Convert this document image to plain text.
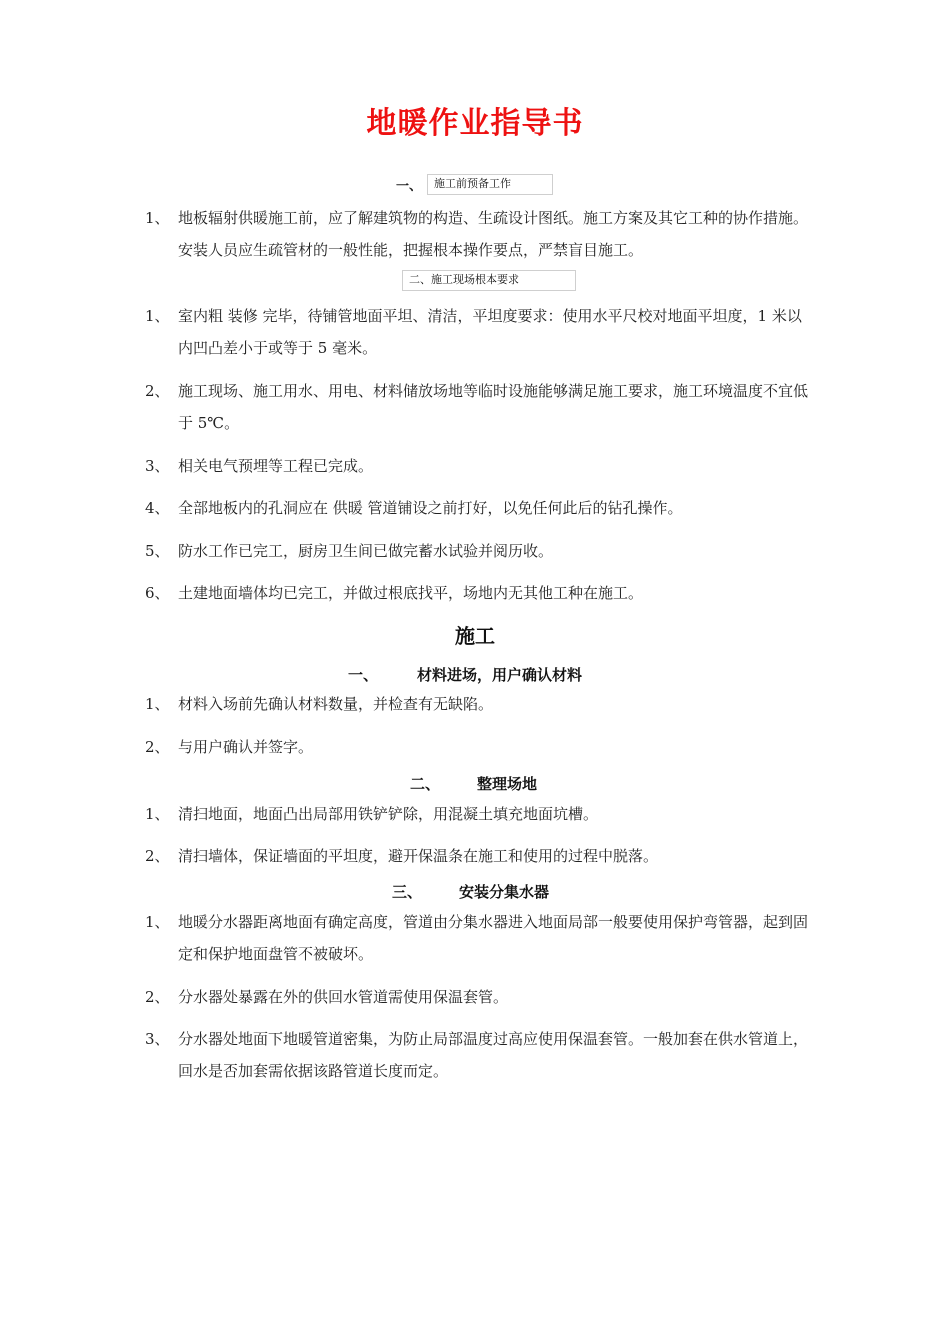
地暖作业指导书
一、	施工前预备工作
1、 地板辐射供暖施工前，应了解建筑物的构造、生疏设计图纸。施工方案及其它工种的协作措施。安装人员应生疏管材的一般性能，把握根本操作要点，严禁盲目施工。
二、施工现场根本要求
1、 室内粗 装修 完毕，待铺管地面平坦、清洁，平坦度要求：使用水平尺校对地面平坦度，1 米以内凹凸差小于或等于 5 毫米。
2、 施工现场、施工用水、用电、材料储放场地等临时设施能够满足施工要求，施工环境温度不宜低于 5℃。
3、 相关电气预埋等工程已完成。
4、 全部地板内的孔洞应在 供暖 管道铺设之前打好，以免任何此后的钻孔操作。
5、 防水工作已完工，厨房卫生间已做完蓄水试验并阅历收。
6、 土建地面墙体均已完工，并做过根底找平，场地内无其他工种在施工。
施工
一、	材料进场，用户确认材料
1、 材料入场前先确认材料数量，并检查有无缺陷。
2、 与用户确认并签字。
二、 整理场地
1、 清扫地面，地面凸出局部用铁铲铲除，用混凝土填充地面坑槽。
2、 清扫墙体，保证墙面的平坦度，避开保温条在施工和使用的过程中脱落。
三、 安装分集水器
1、 地暖分水器距离地面有确定高度，管道由分集水器进入地面局部一般要使用保护弯管器，起到固定和保护地面盘管不被破坏。
2、 分水器处暴露在外的供回水管道需使用保温套管。
3、 分水器处地面下地暖管道密集，为防止局部温度过高应使用保温套管。一般加套在供水管道上，回水是否加套需依据该路管道长度而定。
